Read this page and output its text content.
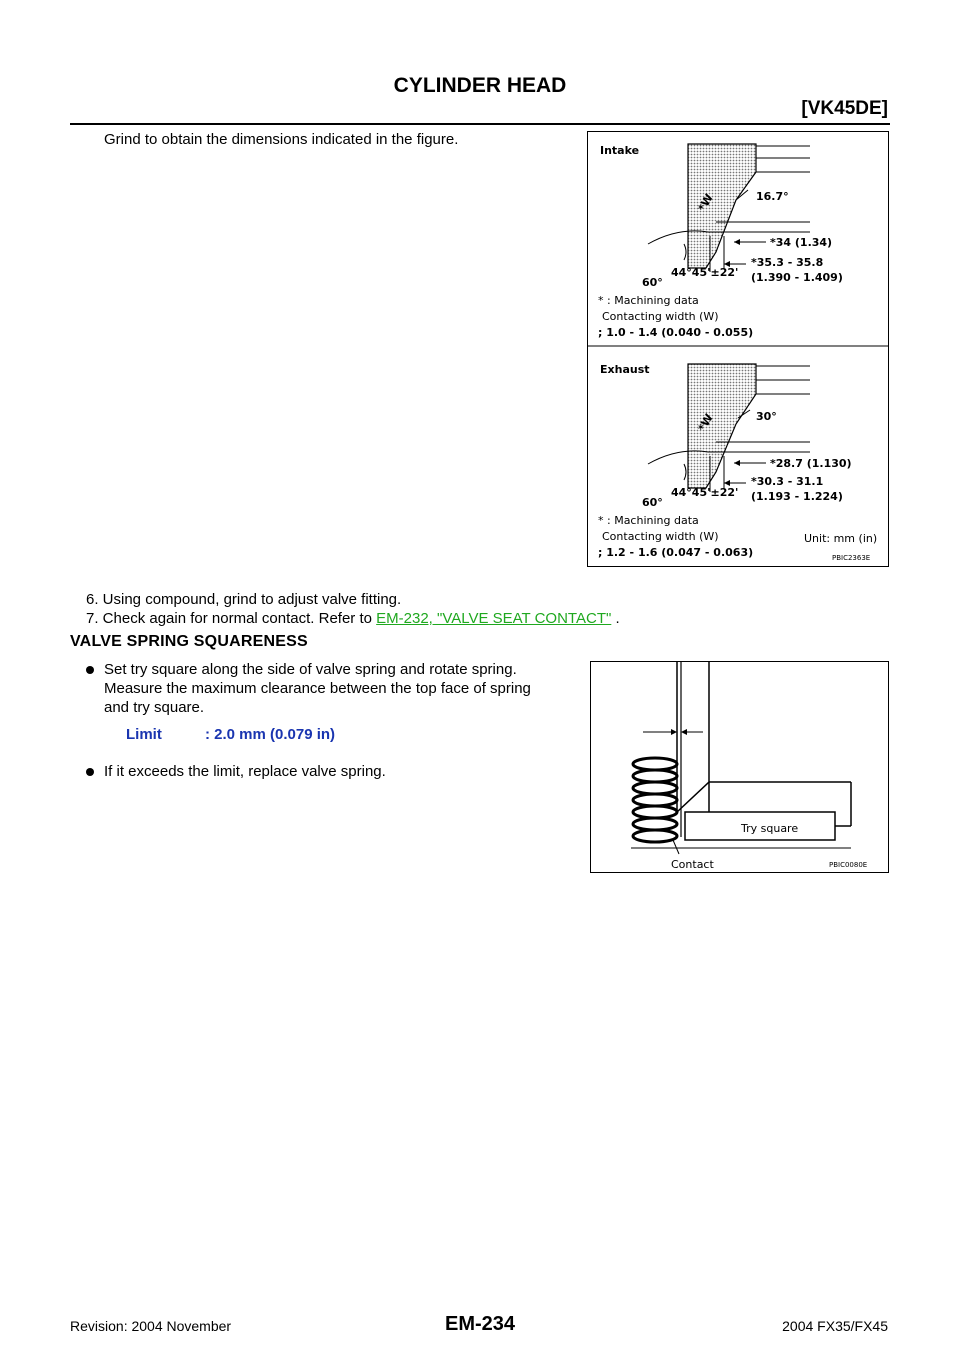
CYLINDER HEAD
[VK45DE]
Grind to obtain the dimensions indicated in the figure.
Intake
16.7°
*W
*34 (1.34)
*35.3 - 35.8
(1.390 - 1.409)
44°45'±22'
60°
* : Machining data
Contacting width (W)
; 1.0 - 1.4 (0.040 - 0.055)
Exhaust
30°
*W
*28.7 (1.130)
*30.3 - 31.1
(1.193 - 1.224)
44°45'±22'
60°
* : Machining data
Contacting width (W)	Unit: mm (in)
; 1.2 - 1.6 (0.047 - 0.063)	PBIC2363E
6. Using compound, grind to adjust valve fitting.
7. Check again for normal contact. Refer to EM-232, "VALVE SEAT CONTACT" .
VALVE SPRING SQUARENESS
Set try square along the side of valve spring and rotate spring.
Measure the maximum clearance between the top face of spring
and try square.
Limit	: 2.0 mm (0.079 in)
If it exceeds the limit, replace valve spring.
Try square
Contact	PBIC0080E
Revision: 2004 November	EM-234	2004 FX35/FX45
